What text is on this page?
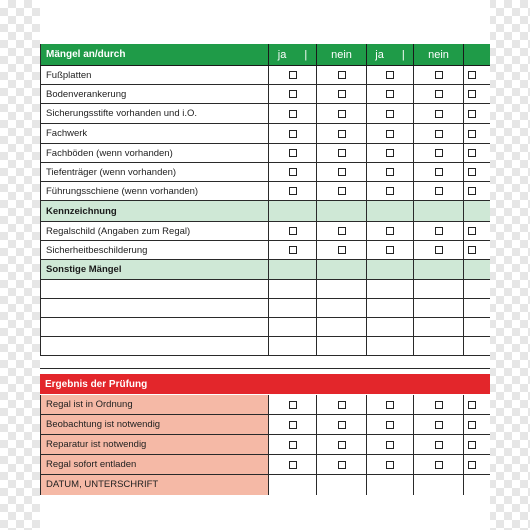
Mängel an/durch	ja |	nein	ja |	nein
Fußplatten
Bodenverankerung
Sicherungsstifte vorhanden und i.O.
Fachwerk
Fachböden (wenn vorhanden)
Tiefenträger (wenn vorhanden)
Führungsschiene (wenn vorhanden)
Kennzeichnung
Regalschild (Angaben zum Regal)
Sicherheitbeschilderung
Sonstige Mängel
Ergebnis der Prüfung
Regal ist in Ordnung
Beobachtung ist notwendig
Reparatur ist notwendig
Regal sofort entladen
DATUM, UNTERSCHRIFT
